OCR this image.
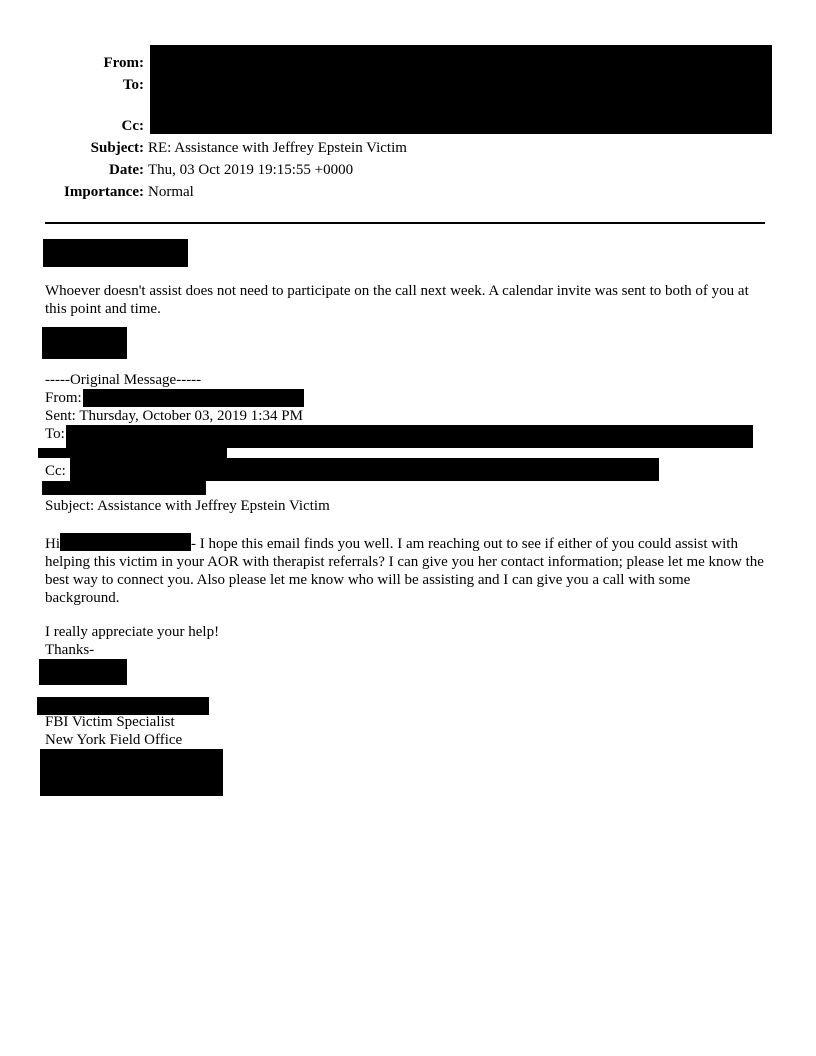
From:
To:
Cc:
Subject: RE: Assistance with Jeffrey Epstein Victim
Date: Thu, 03 Oct 2019 19:15:55 +0000
Importance: Normal
Whoever doesn't assist does not need to participate on the call next week. A calendar invite was sent to both of you at this point and time.
-----Original Message-----
From:
Sent: Thursday, October 03, 2019 1:34 PM
To:
Cc:
Subject: Assistance with Jeffrey Epstein Victim
Hi	- I hope this email finds you well. I am reaching out to see if either of you could assist with helping this victim in your AOR with therapist referrals? I can give you her contact information; please let me know the best way to connect you. Also please let me know who will be assisting and I can give you a call with some background.
I really appreciate your help!
Thanks-
FBI Victim Specialist
New York Field Office
